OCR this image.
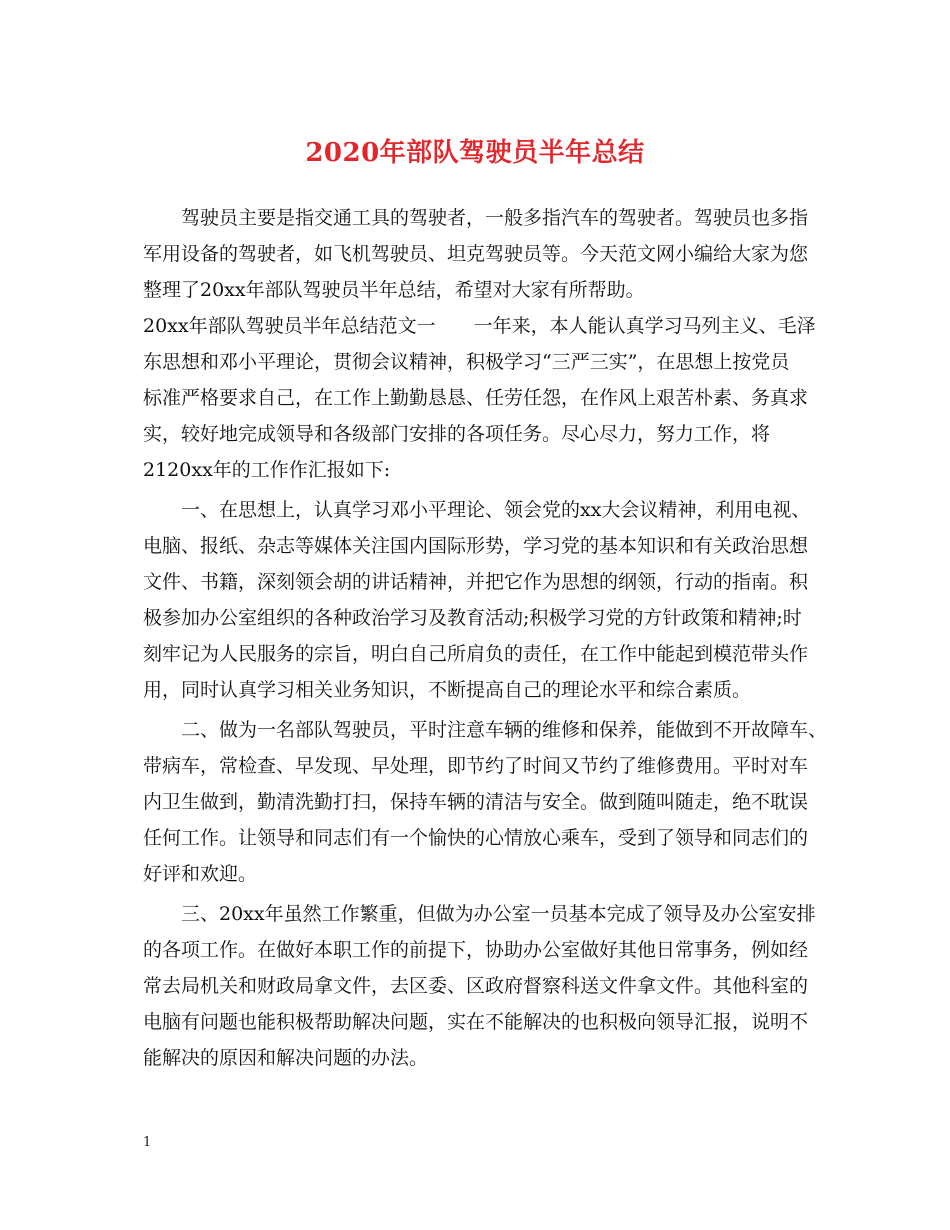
2020年部队驾驶员半年总结
驾驶员主要是指交通工具的驾驶者，一般多指汽车的驾驶者。驾驶员也多指
军用设备的驾驶者，如飞机驾驶员、坦克驾驶员等。今天范文网小编给大家为您
整理了20xx年部队驾驶员半年总结，希望对大家有所帮助。
20xx年部队驾驶员半年总结范文一　　一年来，本人能认真学习马列主义、毛泽
东思想和邓小平理论，贯彻会议精神，积极学习“三严三实”，在思想上按党员
标准严格要求自己，在工作上勤勤恳恳、任劳任怨，在作风上艰苦朴素、务真求
实，较好地完成领导和各级部门安排的各项任务。尽心尽力，努力工作，将
2120xx年的工作作汇报如下:
一、在思想上，认真学习邓小平理论、领会党的xx大会议精神，利用电视、
电脑、报纸、杂志等媒体关注国内国际形势，学习党的基本知识和有关政治思想
文件、书籍，深刻领会胡的讲话精神，并把它作为思想的纲领，行动的指南。积
极参加办公室组织的各种政治学习及教育活动;积极学习党的方针政策和精神;时
刻牢记为人民服务的宗旨，明白自己所肩负的责任，在工作中能起到模范带头作
用，同时认真学习相关业务知识，不断提高自己的理论水平和综合素质。
二、做为一名部队驾驶员，平时注意车辆的维修和保养，能做到不开故障车、
带病车，常检查、早发现、早处理，即节约了时间又节约了维修费用。平时对车
内卫生做到，勤清洗勤打扫，保持车辆的清洁与安全。做到随叫随走，绝不耽误
任何工作。让领导和同志们有一个愉快的心情放心乘车，受到了领导和同志们的
好评和欢迎。
三、20xx年虽然工作繁重，但做为办公室一员基本完成了领导及办公室安排
的各项工作。在做好本职工作的前提下，协助办公室做好其他日常事务，例如经
常去局机关和财政局拿文件，去区委、区政府督察科送文件拿文件。其他科室的
电脑有问题也能积极帮助解决问题，实在不能解决的也积极向领导汇报，说明不
能解决的原因和解决问题的办法。
1
